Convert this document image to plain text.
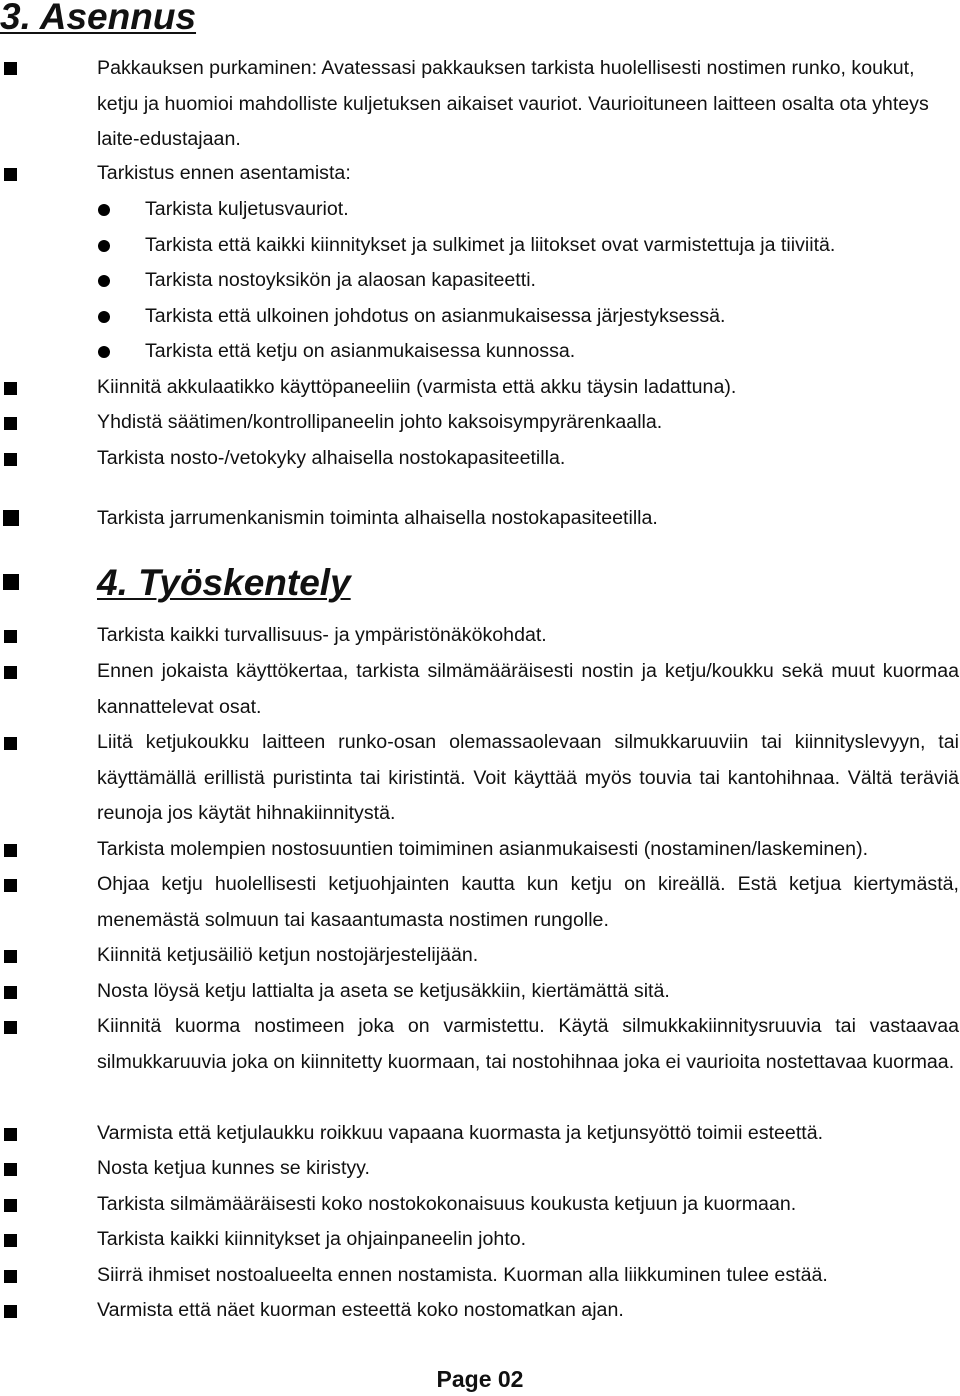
3. Asennus
Pakkauksen purkaminen: Avatessasi pakkauksen tarkista huolellisesti nostimen runko, koukut, ketju ja huomioi mahdolliste kuljetuksen aikaiset vauriot. Vaurioituneen laitteen osalta ota yhteys laite-edustajaan.
Tarkistus ennen asentamista:
Tarkista kuljetusvauriot.
Tarkista että kaikki kiinnitykset ja sulkimet ja liitokset ovat varmistettuja ja tiiviitä.
Tarkista nostoyksikön ja alaosan kapasiteetti.
Tarkista että ulkoinen johdotus on asianmukaisessa järjestyksessä.
Tarkista että ketju on asianmukaisessa kunnossa.
Kiinnitä akkulaatikko käyttöpaneeliin (varmista että akku täysin ladattuna).
Yhdistä säätimen/kontrollipaneelin johto kaksoisympyrärenkaalla.
Tarkista nosto-/vetokyky alhaisella nostokapasiteetilla.
Tarkista jarrumenkanismin toiminta alhaisella nostokapasiteetilla.
4. Työskentely
Tarkista kaikki turvallisuus- ja ympäristönäkökohdat.
Ennen jokaista käyttökertaa, tarkista silmämääräisesti nostin ja ketju/koukku sekä muut kuormaa kannattelevat osat.
Liitä ketjukoukku laitteen runko-osan olemassaolevaan silmukkaruuviin tai kiinnityslevyyn, tai käyttämällä erillistä puristinta tai kiristintä. Voit käyttää myös touvia tai kantohihnaa. Vältä teräviä reunoja jos käytät hihnakiinnitystä.
Tarkista molempien nostosuuntien toimiminen asianmukaisesti (nostaminen/laskeminen).
Ohjaa ketju huolellisesti ketjuohjainten kautta kun ketju on kireällä. Estä ketjua kiertymästä, menemästä solmuun tai kasaantumasta nostimen rungolle.
Kiinnitä ketjusäiliö ketjun nostojärjestelijään.
Nosta löysä ketju lattialta ja aseta se ketjusäkkiin, kiertämättä sitä.
Kiinnitä kuorma nostimeen joka on varmistettu. Käytä silmukkakiinnitysruuvia tai vastaavaa silmukkaruuvia joka on kiinnitetty kuormaan, tai nostohihnaa joka ei vaurioita nostettavaa kuormaa.
Varmista että ketjulaukku roikkuu vapaana kuormasta ja ketjunsyöttö toimii esteettä.
Nosta ketjua kunnes se kiristyy.
Tarkista silmämääräisesti koko nostokokonaisuus koukusta ketjuun ja kuormaan.
Tarkista kaikki kiinnitykset ja ohjainpaneelin johto.
Siirrä ihmiset nostoalueelta ennen nostamista. Kuorman alla liikkuminen tulee estää.
Varmista että näet kuorman esteettä koko nostomatkan ajan.
Page 02
